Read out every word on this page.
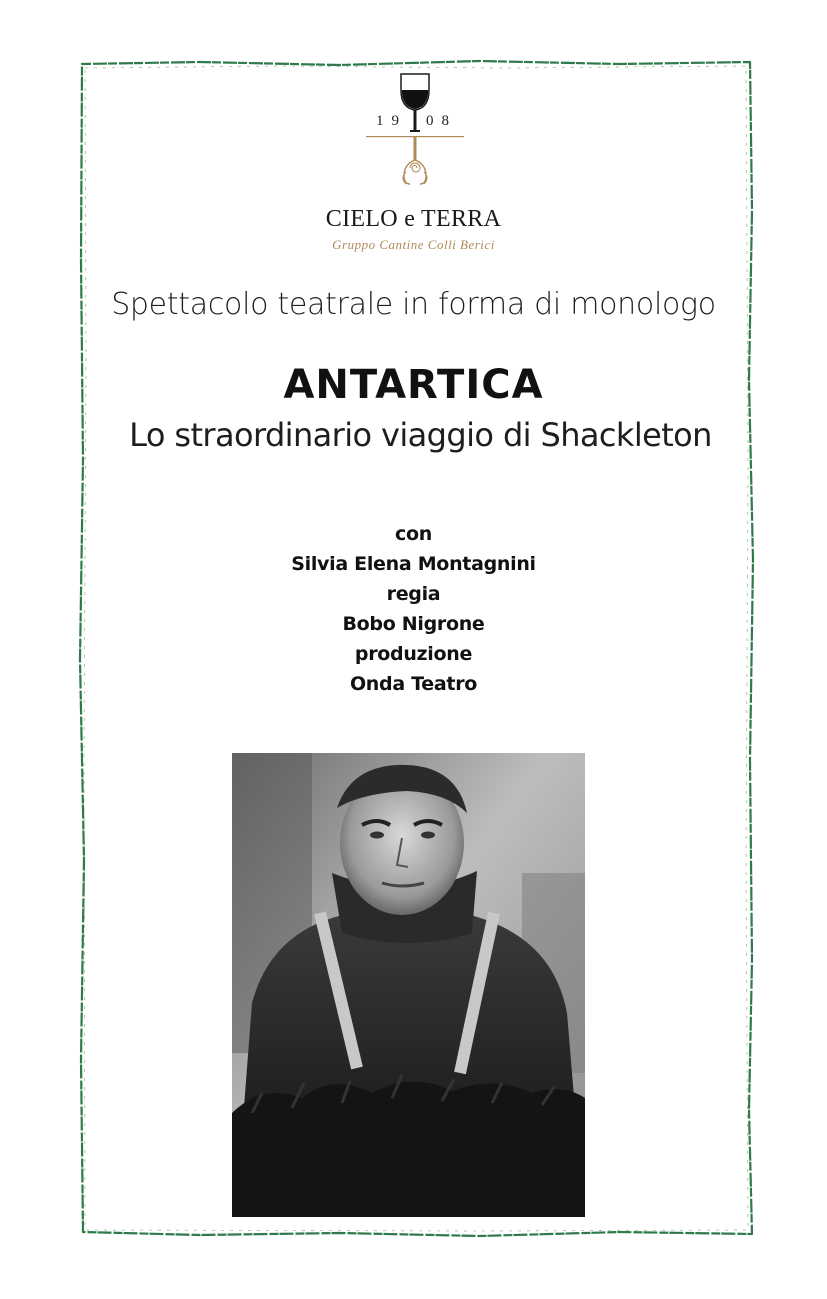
19 08
CIELO e TERRA
Gruppo Cantine Colli Berici
Spettacolo teatrale in forma di monologo
ANTARTICA
Lo straordinario viaggio di Shackleton
con
Silvia Elena Montagnini
regia
Bobo Nigrone
produzione
Onda Teatro
